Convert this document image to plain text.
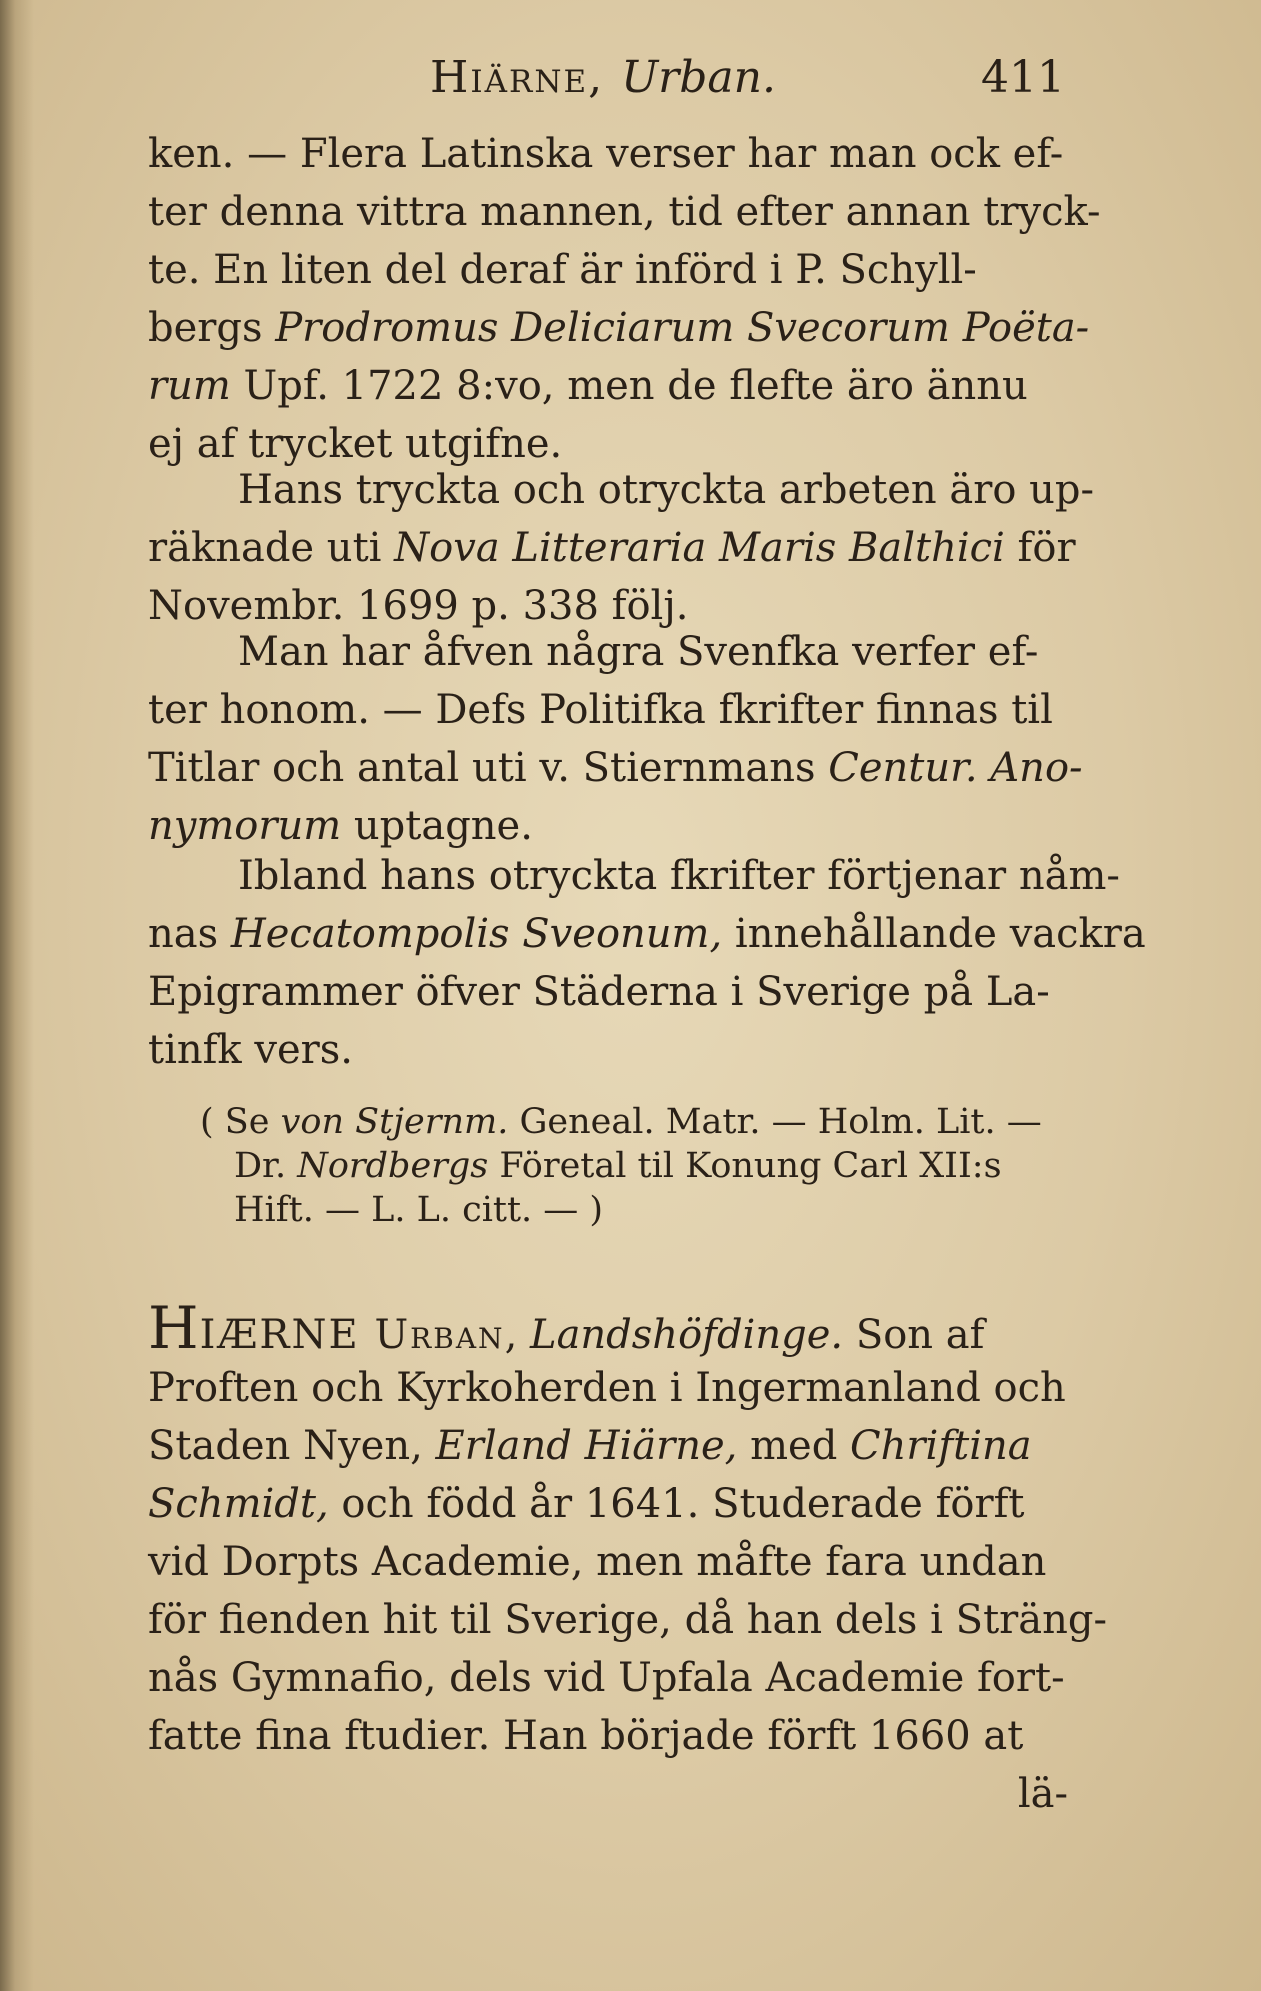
Hiärne, Urban.	411
ken. — Flera Latinska verser har man ock ef-
ter denna vittra mannen, tid efter annan tryck-
te. En liten del deraf är införd i P. Schyll-
bergs Prodromus Deliciarum Svecorum Poëta-
rum Upf. 1722 8:vo, men de flefte äro ännu
ej af trycket utgifne.
Hans tryckta och otryckta arbeten äro up-
räknade uti Nova Litteraria Maris Balthici för
Novembr. 1699 p. 338 följ.
Man har åfven några Svenfka verfer ef-
ter honom. — Defs Politifka fkrifter finnas til
Titlar och antal uti v. Stiernmans Centur. Ano-
nymorum uptagne.
Ibland hans otryckta fkrifter förtjenar nåm-
nas Hecatompolis Sveonum, innehållande vackra
Epigrammer öfver Städerna i Sverige på La-
tinfk vers.
( Se von Stjernm. Geneal. Matr. — Holm. Lit. —
Dr. Nordbergs Företal til Konung Carl XII:s
Hift. — L. L. citt. — )
HIÆRNE Urban, Landshöfdinge. Son af
Proften och Kyrkoherden i Ingermanland och
Staden Nyen, Erland Hiärne, med Chriftina
Schmidt, och född år 1641. Studerade förft
vid Dorpts Academie, men måfte fara undan
för fienden hit til Sverige, då han dels i Sträng-
nås Gymnafio, dels vid Upfala Academie fort-
fatte fina ftudier. Han började förft 1660 at
lä-
